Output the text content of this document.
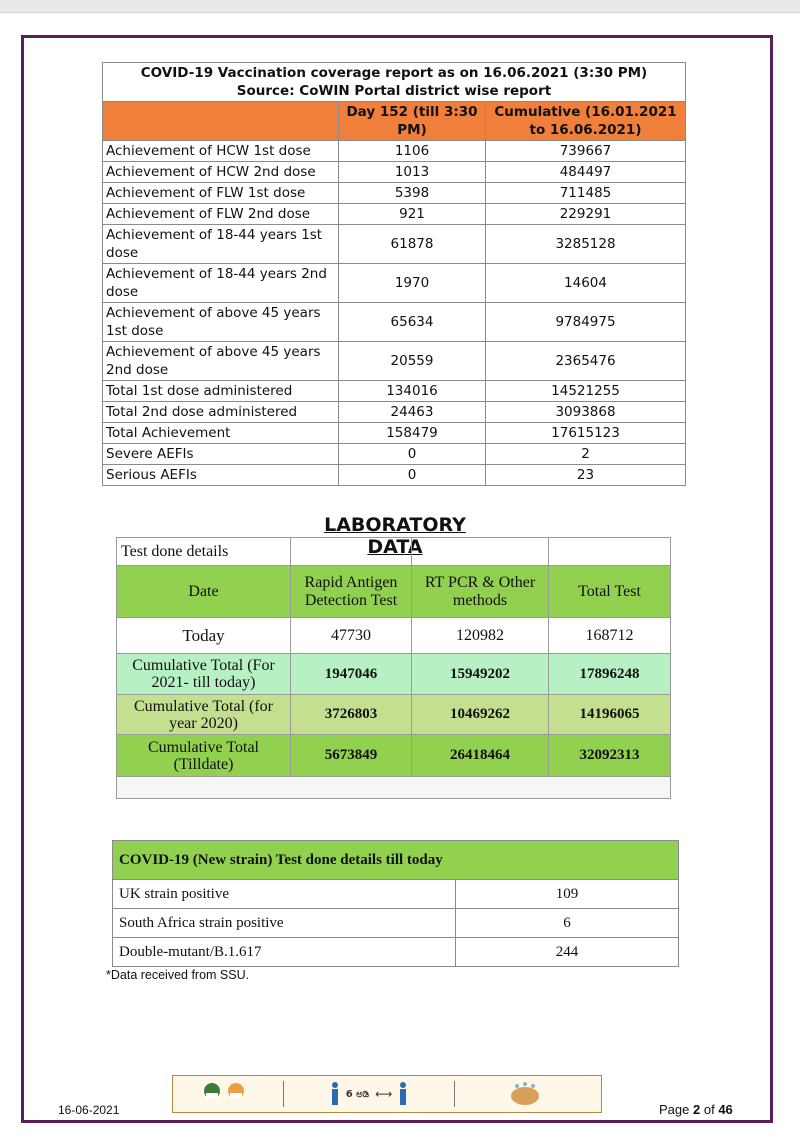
COVID-19 Vaccination coverage report as on 16.06.2021 (3:30 PM)
Source: CoWIN Portal district wise report		

	Day 152 (till 3:30 PM)	Cumulative (16.01.2021 to 16.06.2021)
Achievement of HCW 1st dose	1106	739667
Achievement of HCW 2nd dose	1013	484497
Achievement of FLW 1st dose	5398	711485
Achievement of FLW 2nd dose	921	229291
Achievement of 18-44 years 1st dose	61878	3285128
Achievement of 18-44 years 2nd dose	1970	14604
Achievement of above 45 years 1st dose	65634	9784975
Achievement of above 45 years 2nd dose	20559	2365476
Total 1st dose administered	134016	14521255
Total 2nd dose administered	24463	3093868
Total Achievement	158479	17615123
Severe AEFIs	0	2
Serious AEFIs	0	23
LABORATORY DATA
Test done details			
Date	Rapid Antigen Detection Test	RT PCR & Other methods	Total Test
Today	47730	120982	168712
Cumulative Total (For 2021- till today)	1947046	15949202	17896248
Cumulative Total (for year 2020)	3726803	10469262	14196065
Cumulative Total (Tilldate)	5673849	26418464	32092313

COVID-19 (New strain) Test done details till today	
UK strain positive	109
South Africa strain positive	6
Double-mutant/B.1.617	244
*Data received from SSU.
6 ಅಡಿ ⟷
16-06-2021	Page 2 of 46
